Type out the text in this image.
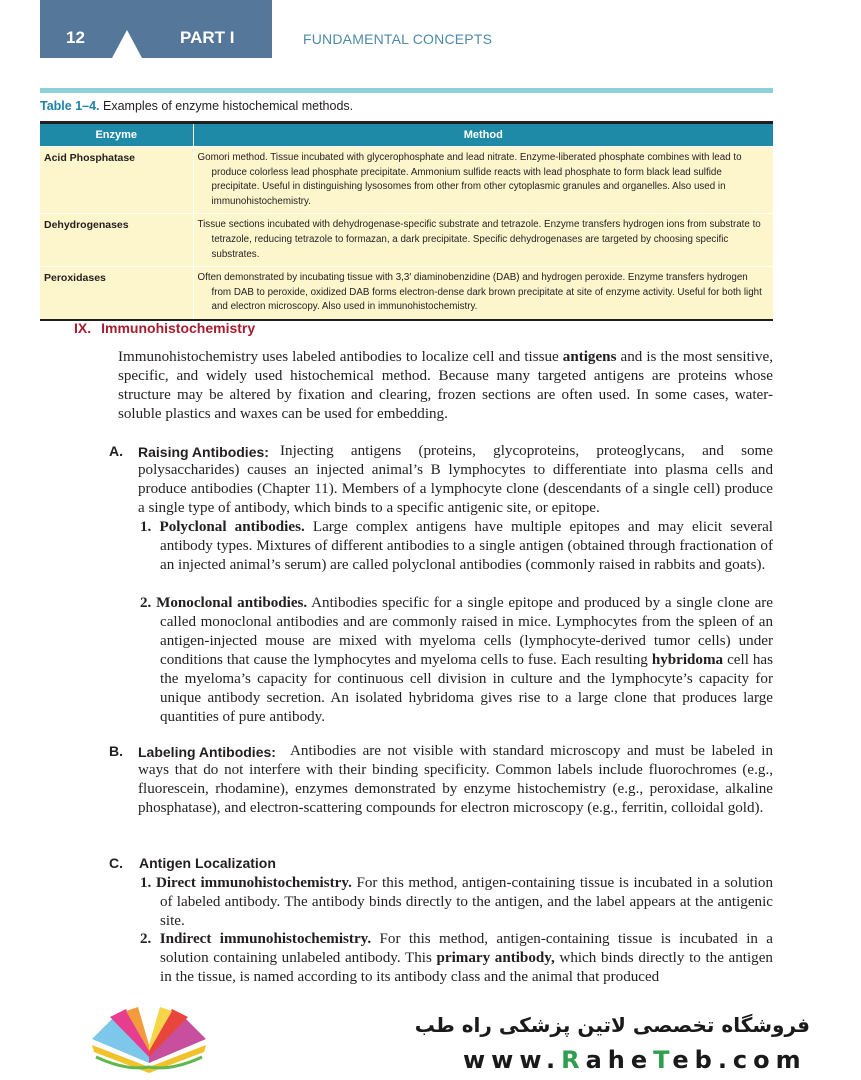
12	PART I	FUNDAMENTAL CONCEPTS
Table 1–4. Examples of enzyme histochemical methods.
Enzyme	Method
Acid Phosphatase	Gomori method. Tissue incubated with glycerophosphate and lead nitrate. Enzyme-liberated phosphate combines with lead to produce colorless lead phosphate precipitate. Ammonium sulfide reacts with lead phosphate to form black lead sulfide precipitate. Useful in distinguishing lysosomes from other from other cytoplasmic granules and organelles. Also used in immunohistochemistry.
Dehydrogenases	Tissue sections incubated with dehydrogenase-specific substrate and tetrazole. Enzyme transfers hydrogen ions from substrate to tetrazole, reducing tetrazole to formazan, a dark precipitate. Specific dehydrogenases are targeted by choosing specific substrates.
Peroxidases	Often demonstrated by incubating tissue with 3,3′ diaminobenzidine (DAB) and hydrogen peroxide. Enzyme transfers hydrogen from DAB to peroxide, oxidized DAB forms electron-dense dark brown precipitate at site of enzyme activity. Useful for both light and electron microscopy. Also used in immunohistochemistry.
IX. Immunohistochemistry

Immunohistochemistry uses labeled antibodies to localize cell and tissue antigens and is the most sensitive, specific, and widely used histochemical method. Because many targeted antigens are proteins whose structure may be altered by fixation and clearing, frozen sections are often used. In some cases, water-soluble plastics and waxes can be used for embedding.

A. Raising Antibodies: Injecting antigens (proteins, glycoproteins, proteoglycans, and some polysaccharides) causes an injected animal’s B lymphocytes to differentiate into plasma cells and produce antibodies (Chapter 11). Members of a lymphocyte clone (descendants of a single cell) produce a single type of antibody, which binds to a specific antigenic site, or epitope.

1. Polyclonal antibodies. Large complex antigens have multiple epitopes and may elicit several antibody types. Mixtures of different antibodies to a single antigen (obtained through fractionation of an injected animal’s serum) are called polyclonal antibodies (commonly raised in rabbits and goats).

2. Monoclonal antibodies. Antibodies specific for a single epitope and produced by a single clone are called monoclonal antibodies and are commonly raised in mice. Lymphocytes from the spleen of an antigen-injected mouse are mixed with myeloma cells (lymphocyte-derived tumor cells) under conditions that cause the lymphocytes and myeloma cells to fuse. Each resulting hybridoma cell has the myeloma’s capacity for continuous cell division in culture and the lymphocyte’s capacity for unique antibody secretion. An isolated hybridoma gives rise to a large clone that produces large quantities of pure antibody.

B. Labeling Antibodies: Antibodies are not visible with standard microscopy and must be labeled in ways that do not interfere with their binding specificity. Common labels include fluorochromes (e.g., fluorescein, rhodamine), enzymes demonstrated by enzyme histochemistry (e.g., peroxidase, alkaline phosphatase), and electron-scattering compounds for electron microscopy (e.g., ferritin, colloidal gold).

C. Antigen Localization

1. Direct immunohistochemistry. For this method, antigen-containing tissue is incubated in a solution of labeled antibody. The antibody binds directly to the antigen, and the label appears at the antigenic site.

2. Indirect immunohistochemistry. For this method, antigen-containing tissue is incubated in a solution containing unlabeled antibody. This primary antibody, which binds directly to the antigen in the tissue, is named according to its antibody class and the animal that produced

فروشگاه تخصصی لاتین پزشکی راه طب
www.RaheTeb.com
